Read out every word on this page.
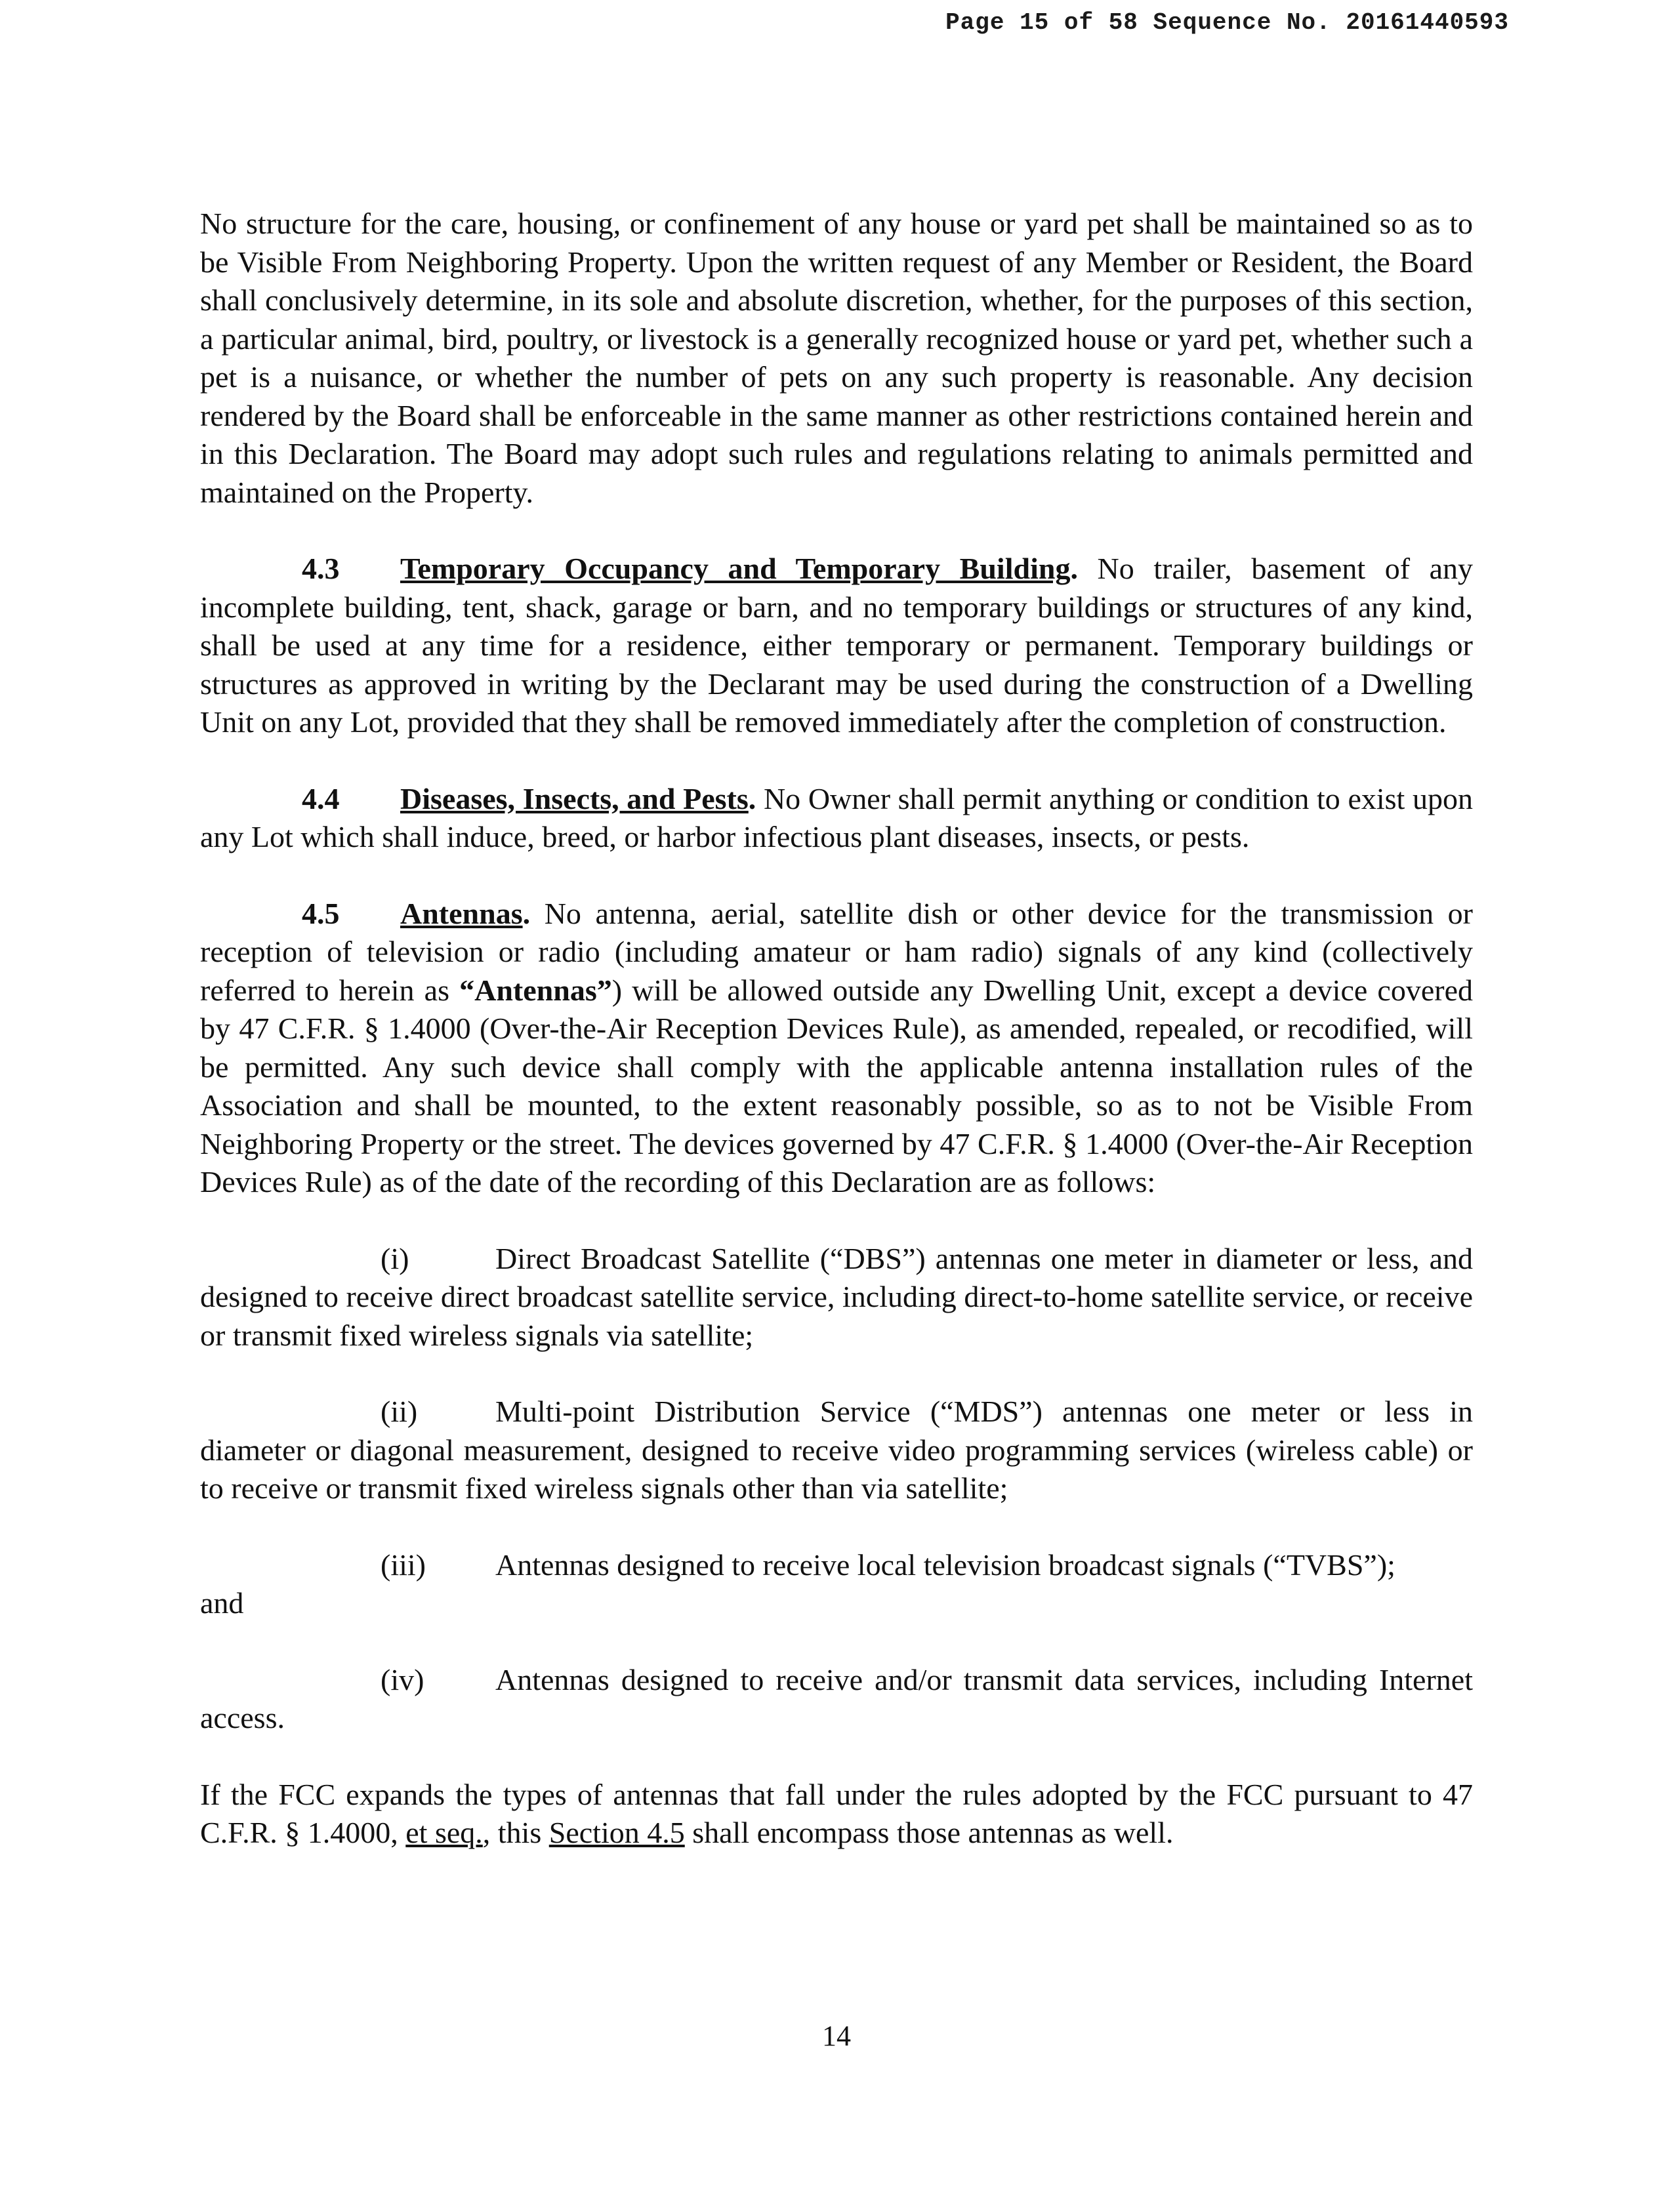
Page 15 of 58 Sequence No. 20161440593

No structure for the care, housing, or confinement of any house or yard pet shall be maintained so as to be Visible From Neighboring Property. Upon the written request of any Member or Resident, the Board shall conclusively determine, in its sole and absolute discretion, whether, for the purposes of this section, a particular animal, bird, poultry, or livestock is a generally recognized house or yard pet, whether such a pet is a nuisance, or whether the number of pets on any such property is reasonable. Any decision rendered by the Board shall be enforceable in the same manner as other restrictions contained herein and in this Declaration. The Board may adopt such rules and regulations relating to animals permitted and maintained on the Property.

4.3 Temporary Occupancy and Temporary Building. No trailer, basement of any incomplete building, tent, shack, garage or barn, and no temporary buildings or structures of any kind, shall be used at any time for a residence, either temporary or permanent. Temporary buildings or structures as approved in writing by the Declarant may be used during the construction of a Dwelling Unit on any Lot, provided that they shall be removed immediately after the completion of construction.

4.4 Diseases, Insects, and Pests. No Owner shall permit anything or condition to exist upon any Lot which shall induce, breed, or harbor infectious plant diseases, insects, or pests.

4.5 Antennas. No antenna, aerial, satellite dish or other device for the transmission or reception of television or radio (including amateur or ham radio) signals of any kind (collectively referred to herein as “Antennas”) will be allowed outside any Dwelling Unit, except a device covered by 47 C.F.R. § 1.4000 (Over-the-Air Reception Devices Rule), as amended, repealed, or recodified, will be permitted. Any such device shall comply with the applicable antenna installation rules of the Association and shall be mounted, to the extent reasonably possible, so as to not be Visible From Neighboring Property or the street. The devices governed by 47 C.F.R. § 1.4000 (Over-the-Air Reception Devices Rule) as of the date of the recording of this Declaration are as follows:

(i)	Direct Broadcast Satellite (“DBS”) antennas one meter in diameter or less, and designed to receive direct broadcast satellite service, including direct-to-home satellite service, or receive or transmit fixed wireless signals via satellite;

(ii)	Multi-point Distribution Service (“MDS”) antennas one meter or less in diameter or diagonal measurement, designed to receive video programming services (wireless cable) or to receive or transmit fixed wireless signals other than via satellite;

(iii) Antennas designed to receive local television broadcast signals (“TVBS”);

and

(iv) Antennas designed to receive and/or transmit data services, including Internet access.

If the FCC expands the types of antennas that fall under the rules adopted by the FCC pursuant to 47 C.F.R. § 1.4000, et seq., this Section 4.5 shall encompass those antennas as well.

14
